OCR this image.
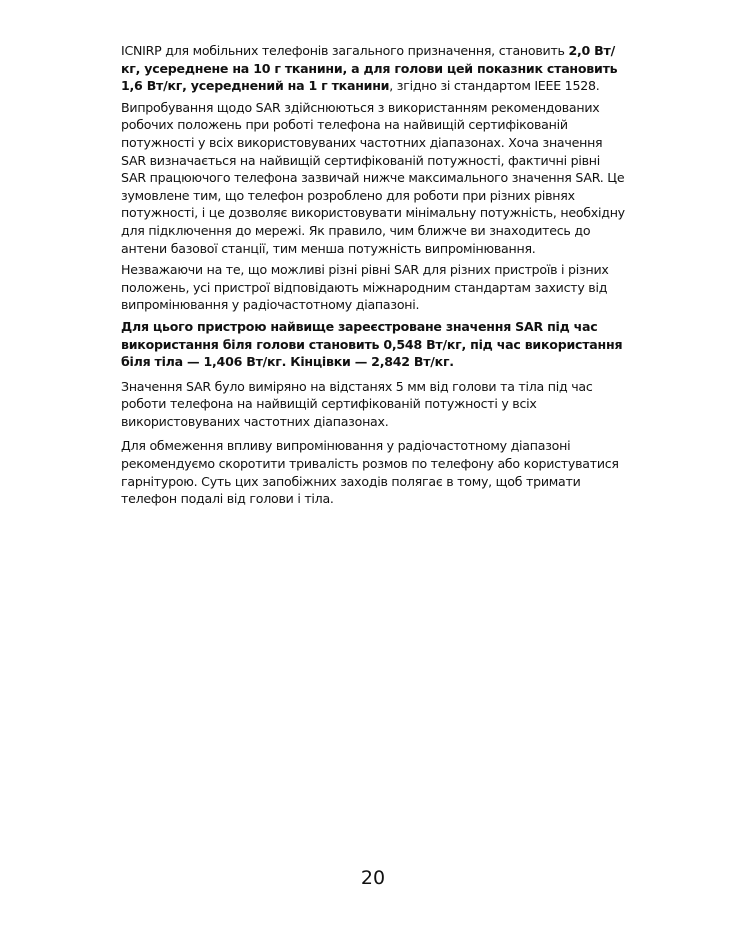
ICNIRP для мобільних телефонів загального призначення, становить 2,0 Вт/кг, усереднене на 10 г тканини, а для голови цей показник становить 1,6 Вт/кг, усереднений на 1 г тканини, згідно зі стандартом IEEE 1528.

Випробування щодо SAR здійснюються з використанням рекомендованих робочих положень при роботі телефона на найвищій сертифікованій потужності у всіх використовуваних частотних діапазонах. Хоча значення SAR визначається на найвищій сертифікованій потужності, фактичні рівні SAR працюючого телефона зазвичай нижче максимального значення SAR. Це зумовлене тим, що телефон розроблено для роботи при різних рівнях потужності, і це дозволяє використовувати мінімальну потужність, необхідну для підключення до мережі. Як правило, чим ближче ви знаходитесь до антени базової станції, тим менша потужність випромінювання.

Незважаючи на те, що можливі різні рівні SAR для різних пристроїв і різних положень, усі пристрої відповідають міжнародним стандартам захисту від випромінювання у радіочастотному діапазоні.

Для цього пристрою найвище зареєстроване значення SAR під час використання біля голови становить 0,548 Вт/кг, під час використання біля тіла — 1,406 Вт/кг. Кінцівки — 2,842 Вт/кг.

Значення SAR було виміряно на відстанях 5 мм від голови та тіла під час роботи телефона на найвищій сертифікованій потужності у всіх використовуваних частотних діапазонах.

Для обмеження впливу випромінювання у радіочастотному діапазоні рекомендуємо скоротити тривалість розмов по телефону або користуватися гарнітурою. Суть цих запобіжних заходів полягає в тому, щоб тримати телефон подалі від голови і тіла.

20
